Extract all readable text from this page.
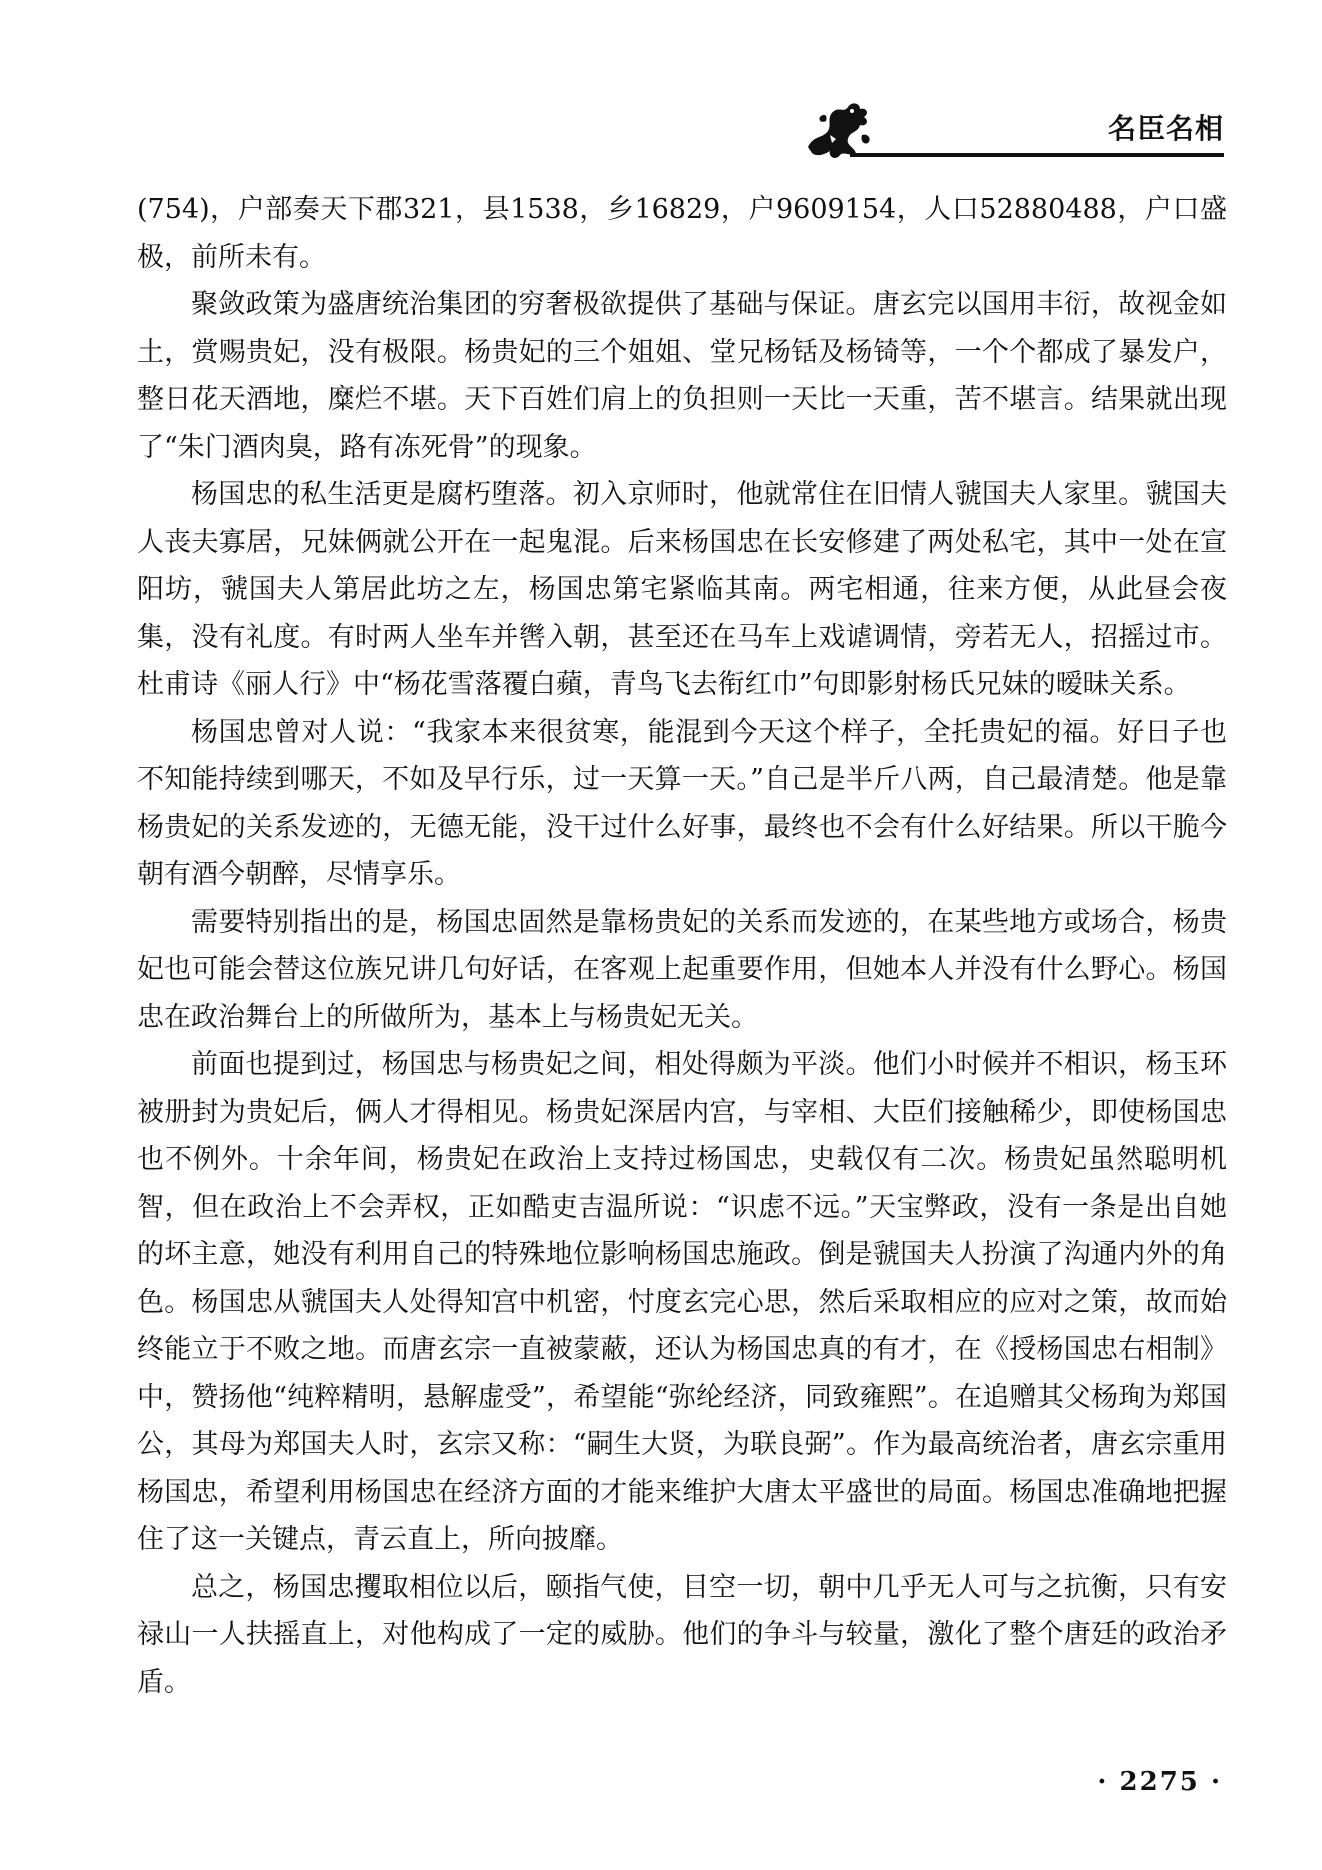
名臣名相

(754)，户部奏天下郡321，县1538，乡16829，户9609154，人口52880488，户口盛极，前所未有。

聚敛政策为盛唐统治集团的穷奢极欲提供了基础与保证。唐玄完以国用丰衍，故视金如土，赏赐贵妃，没有极限。杨贵妃的三个姐姐、堂兄杨铦及杨锜等，一个个都成了暴发户，整日花天酒地，糜烂不堪。天下百姓们肩上的负担则一天比一天重，苦不堪言。结果就出现了“朱门酒肉臭，路有冻死骨”的现象。

杨国忠的私生活更是腐朽堕落。初入京师时，他就常住在旧情人虢国夫人家里。虢国夫人丧夫寡居，兄妹俩就公开在一起鬼混。后来杨国忠在长安修建了两处私宅，其中一处在宣阳坊，虢国夫人第居此坊之左，杨国忠第宅紧临其南。两宅相通，往来方便，从此昼会夜集，没有礼度。有时两人坐车并辔入朝，甚至还在马车上戏谑调情，旁若无人，招摇过市。杜甫诗《丽人行》中“杨花雪落覆白蘋，青鸟飞去衔红巾”句即影射杨氏兄妹的暧昧关系。

杨国忠曾对人说：“我家本来很贫寒，能混到今天这个样子，全托贵妃的福。好日子也不知能持续到哪天，不如及早行乐，过一天算一天。”自己是半斤八两，自己最清楚。他是靠杨贵妃的关系发迹的，无德无能，没干过什么好事，最终也不会有什么好结果。所以干脆今朝有酒今朝醉，尽情享乐。

需要特别指出的是，杨国忠固然是靠杨贵妃的关系而发迹的，在某些地方或场合，杨贵妃也可能会替这位族兄讲几句好话，在客观上起重要作用，但她本人并没有什么野心。杨国忠在政治舞台上的所做所为，基本上与杨贵妃无关。

前面也提到过，杨国忠与杨贵妃之间，相处得颇为平淡。他们小时候并不相识，杨玉环被册封为贵妃后，俩人才得相见。杨贵妃深居内宫，与宰相、大臣们接触稀少，即使杨国忠也不例外。十余年间，杨贵妃在政治上支持过杨国忠，史载仅有二次。杨贵妃虽然聪明机智，但在政治上不会弄权，正如酷吏吉温所说：“识虑不远。”天宝弊政，没有一条是出自她的坏主意，她没有利用自己的特殊地位影响杨国忠施政。倒是虢国夫人扮演了沟通内外的角色。杨国忠从虢国夫人处得知宫中机密，忖度玄完心思，然后采取相应的应对之策，故而始终能立于不败之地。而唐玄宗一直被蒙蔽，还认为杨国忠真的有才，在《授杨国忠右相制》中，赞扬他“纯粹精明，悬解虚受”，希望能“弥纶经济，同致雍熙”。在追赠其父杨珣为郑国公，其母为郑国夫人时，玄宗又称：“嗣生大贤，为联良弼”。作为最高统治者，唐玄宗重用杨国忠，希望利用杨国忠在经济方面的才能来维护大唐太平盛世的局面。杨国忠准确地把握住了这一关键点，青云直上，所向披靡。

总之，杨国忠攫取相位以后，颐指气使，目空一切，朝中几乎无人可与之抗衡，只有安禄山一人扶摇直上，对他构成了一定的威胁。他们的争斗与较量，激化了整个唐廷的政治矛盾。

· 2275 ·
